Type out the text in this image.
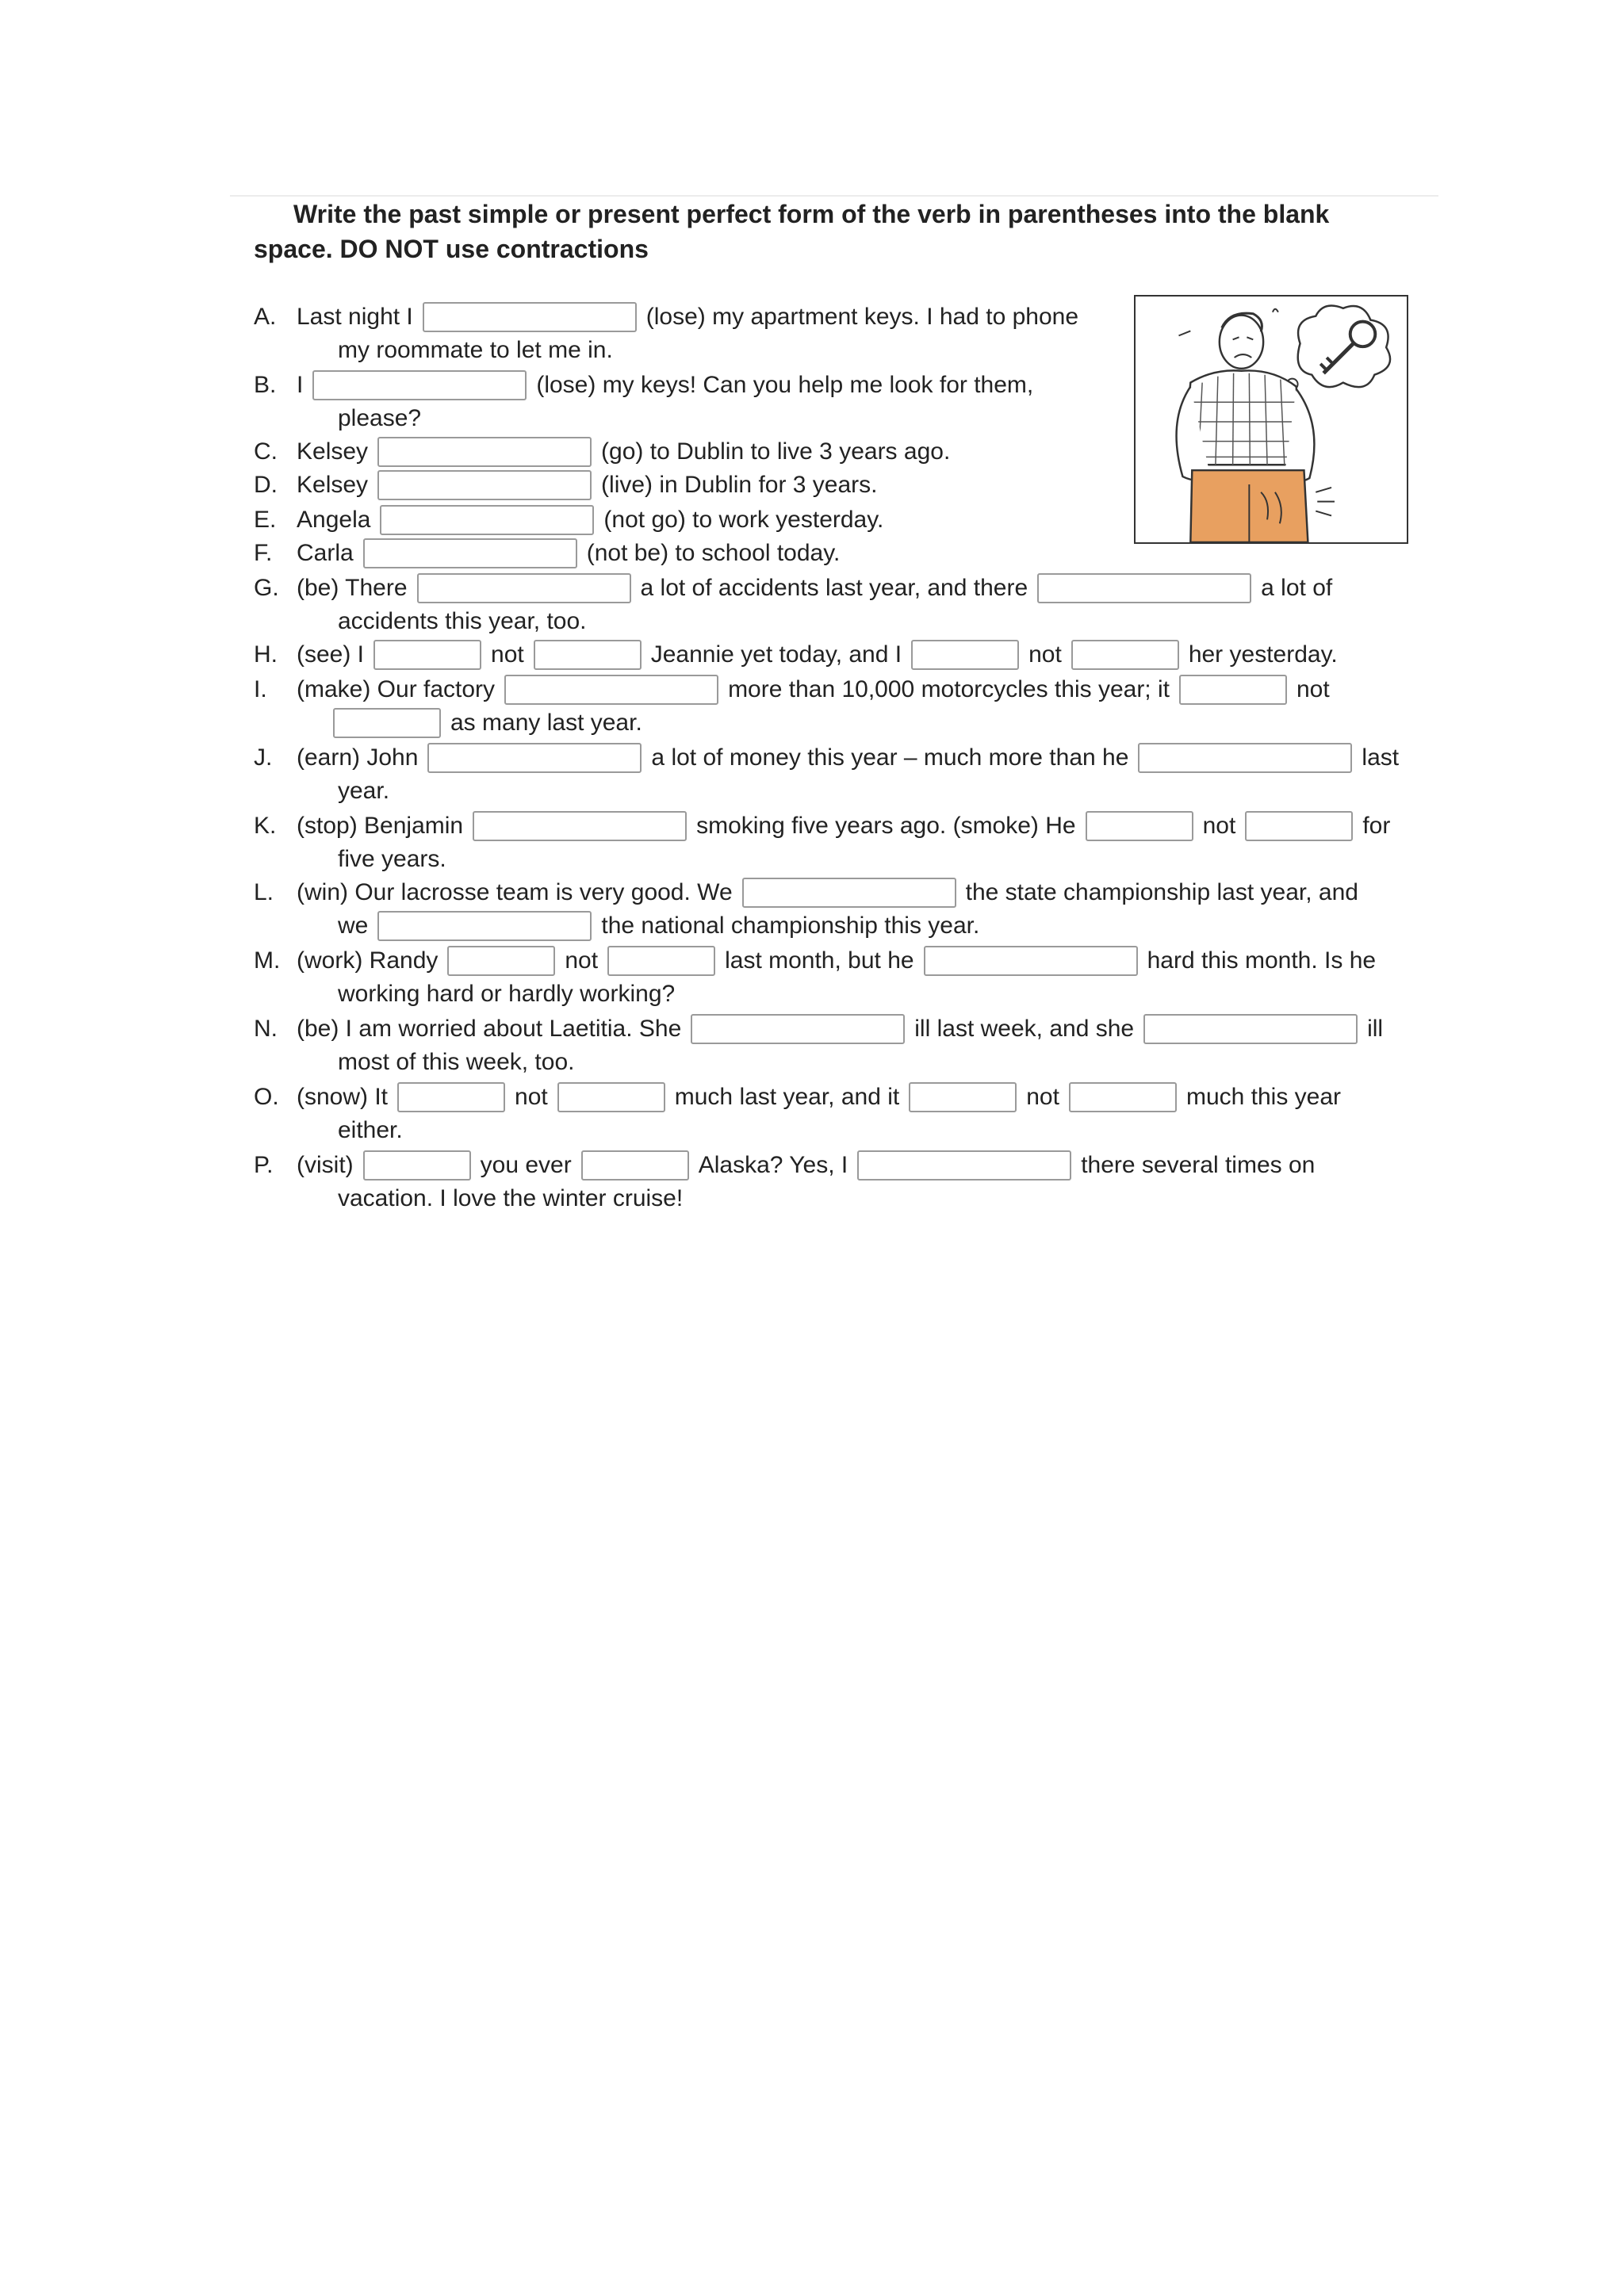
Write the past simple or present perfect form of the verb in parentheses into the blank space. DO NOT use contractions
A. Last night I	(lose) my apartment keys. I had to phone
my roommate to let me in.
B. I	(lose) my keys! Can you help me look for them,
please?
C. Kelsey	(go) to Dublin to live 3 years ago.
D. Kelsey	(live) in Dublin for 3 years.
E. Angela	(not go) to work yesterday.
F.	Carla	(not be) to school today.
G. (be) There	a lot of accidents last year, and there	a lot of
accidents this year, too.
H. (see) I	not	Jeannie yet today, and I	not	her yesterday.
I.	(make) Our factory	more than 10,000 motorcycles this year; it	not
as many last year.
J.	(earn) John	a lot of money this year – much more than he	last
year.
K. (stop) Benjamin	smoking five years ago. (smoke) He	not	for
five years.
L. (win) Our lacrosse team is very good. We	the state championship last year, and
we	the national championship this year.
M. (work) Randy	not	last month, but he	hard this month. Is he
working hard or hardly working?
N. (be) I am worried about Laetitia. She	ill last week, and she	ill
most of this week, too.
O. (snow) It	not	much last year, and it	not	much this year
either.
P. (visit)	you ever	Alaska? Yes, I	there several times on
vacation. I love the winter cruise!
